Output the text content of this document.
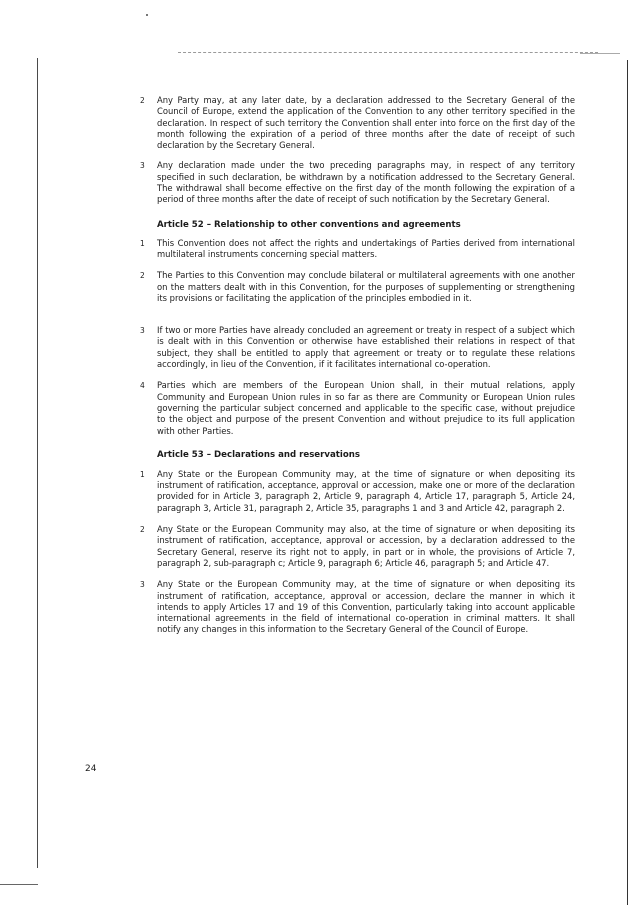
2 Any Party may, at any later date, by a declaration addressed to the Secretary General of the Council of Europe, extend the application of the Convention to any other territory specified in the declaration. In respect of such territory the Convention shall enter into force on the first day of the month following the expiration of a period of three months after the date of receipt of such declaration by the Secretary General.
3 Any declaration made under the two preceding paragraphs may, in respect of any territory specified in such declaration, be withdrawn by a notification addressed to the Secretary General. The withdrawal shall become effective on the first day of the month following the expiration of a period of three months after the date of receipt of such notification by the Secretary General.
Article 52 – Relationship to other conventions and agreements
1 This Convention does not affect the rights and undertakings of Parties derived from international multilateral instruments concerning special matters.
2 The Parties to this Convention may conclude bilateral or multilateral agreements with one another on the matters dealt with in this Convention, for the purposes of supplementing or strengthening its provisions or facilitating the application of the principles embodied in it.
3 If two or more Parties have already concluded an agreement or treaty in respect of a subject which is dealt with in this Convention or otherwise have established their relations in respect of that subject, they shall be entitled to apply that agreement or treaty or to regulate these relations accordingly, in lieu of the Convention, if it facilitates international co-operation.
4 Parties which are members of the European Union shall, in their mutual relations, apply Community and European Union rules in so far as there are Community or European Union rules governing the particular subject concerned and applicable to the specific case, without prejudice to the object and purpose of the present Convention and without prejudice to its full application with other Parties.
Article 53 – Declarations and reservations
1 Any State or the European Community may, at the time of signature or when depositing its instrument of ratification, acceptance, approval or accession, make one or more of the declaration provided for in Article 3, paragraph 2, Article 9, paragraph 4, Article 17, paragraph 5, Article 24, paragraph 3, Article 31, paragraph 2, Article 35, paragraphs 1 and 3 and Article 42, paragraph 2.
2 Any State or the European Community may also, at the time of signature or when depositing its instrument of ratification, acceptance, approval or accession, by a declaration addressed to the Secretary General, reserve its right not to apply, in part or in whole, the provisions of Article 7, paragraph 2, sub-paragraph c; Article 9, paragraph 6; Article 46, paragraph 5; and Article 47.
3 Any State or the European Community may, at the time of signature or when depositing its instrument of ratification, acceptance, approval or accession, declare the manner in which it intends to apply Articles 17 and 19 of this Convention, particularly taking into account applicable international agreements in the field of international co-operation in criminal matters. It shall notify any changes in this information to the Secretary General of the Council of Europe.
24
